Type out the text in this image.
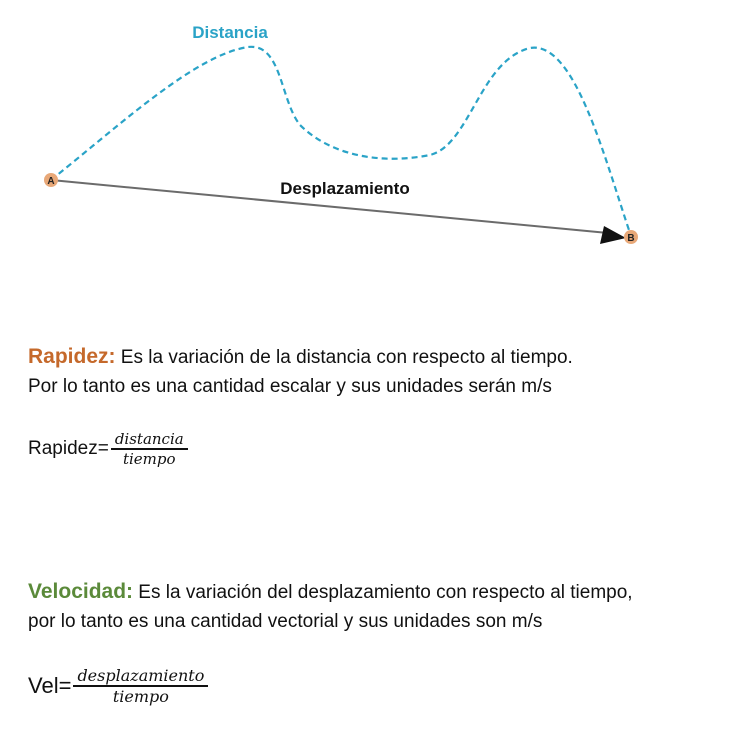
A
B
Distancia
Desplazamiento
Rapidez: Es la variación de la distancia con respecto al tiempo.
Por lo tanto es una cantidad escalar y sus unidades serán m/s
Rapidez= $\frac{\text{distancia}}{\text{tiempo}}$
Velocidad: Es la variación del desplazamiento con respecto al tiempo,
por lo tanto es una cantidad vectorial y sus unidades son m/s
$Vel= \frac{\text{desplazamiento}}{\text{tiempo}}$
